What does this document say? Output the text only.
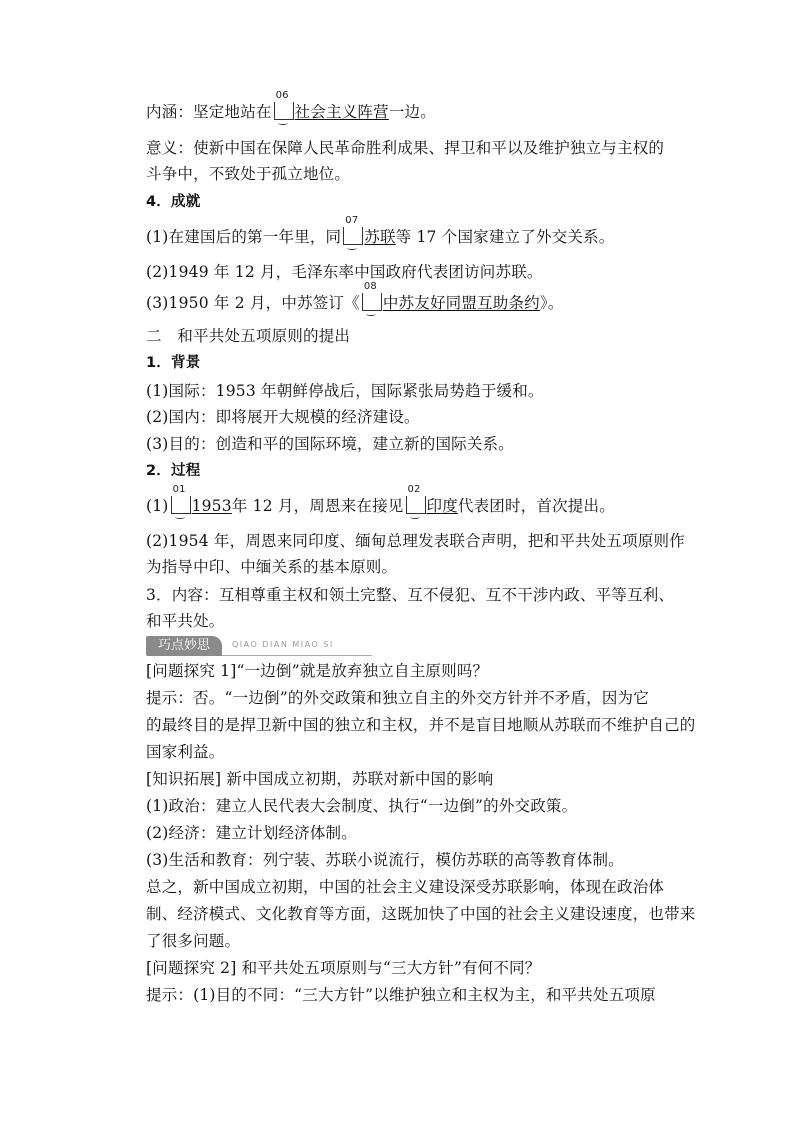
内涵：坚定地站在
06
社会主义阵营一边。
意义：使新中国在保障人民革命胜利成果、捍卫和平以及维护独立与主权的
斗争中，不致处于孤立地位。
4．成就
(1)在建国后的第一年里，同
07
苏联等 17 个国家建立了外交关系。
(2)1949 年 12 月，毛泽东率中国政府代表团访问苏联。
(3)1950 年 2 月，中苏签订《
08
中苏友好同盟互助条约》。
二　和平共处五项原则的提出
1．背景
(1)国际：1953 年朝鲜停战后，国际紧张局势趋于缓和。
(2)国内：即将展开大规模的经济建设。
(3)目的：创造和平的国际环境，建立新的国际关系。
2．过程
(1)
01
1953年 12 月，周恩来在接见
02
印度代表团时，首次提出。
(2)1954 年，周恩来同印度、缅甸总理发表联合声明，把和平共处五项原则作
为指导中印、中缅关系的基本原则。
3．内容：互相尊重主权和领土完整、互不侵犯、互不干涉内政、平等互利、
和平共处。
巧点妙思	QIAO DIAN MIAO SI
[问题探究 1]“一边倒”就是放弃独立自主原则吗？
提示：否。“一边倒”的外交政策和独立自主的外交方针并不矛盾，因为它
的最终目的是捍卫新中国的独立和主权，并不是盲目地顺从苏联而不维护自己的
国家利益。
[知识拓展] 新中国成立初期，苏联对新中国的影响
(1)政治：建立人民代表大会制度、执行“一边倒”的外交政策。
(2)经济：建立计划经济体制。
(3)生活和教育：列宁装、苏联小说流行，模仿苏联的高等教育体制。
总之，新中国成立初期，中国的社会主义建设深受苏联影响，体现在政治体
制、经济模式、文化教育等方面，这既加快了中国的社会主义建设速度，也带来
了很多问题。
[问题探究 2] 和平共处五项原则与“三大方针”有何不同？
提示：(1)目的不同：“三大方针”以维护独立和主权为主，和平共处五项原
